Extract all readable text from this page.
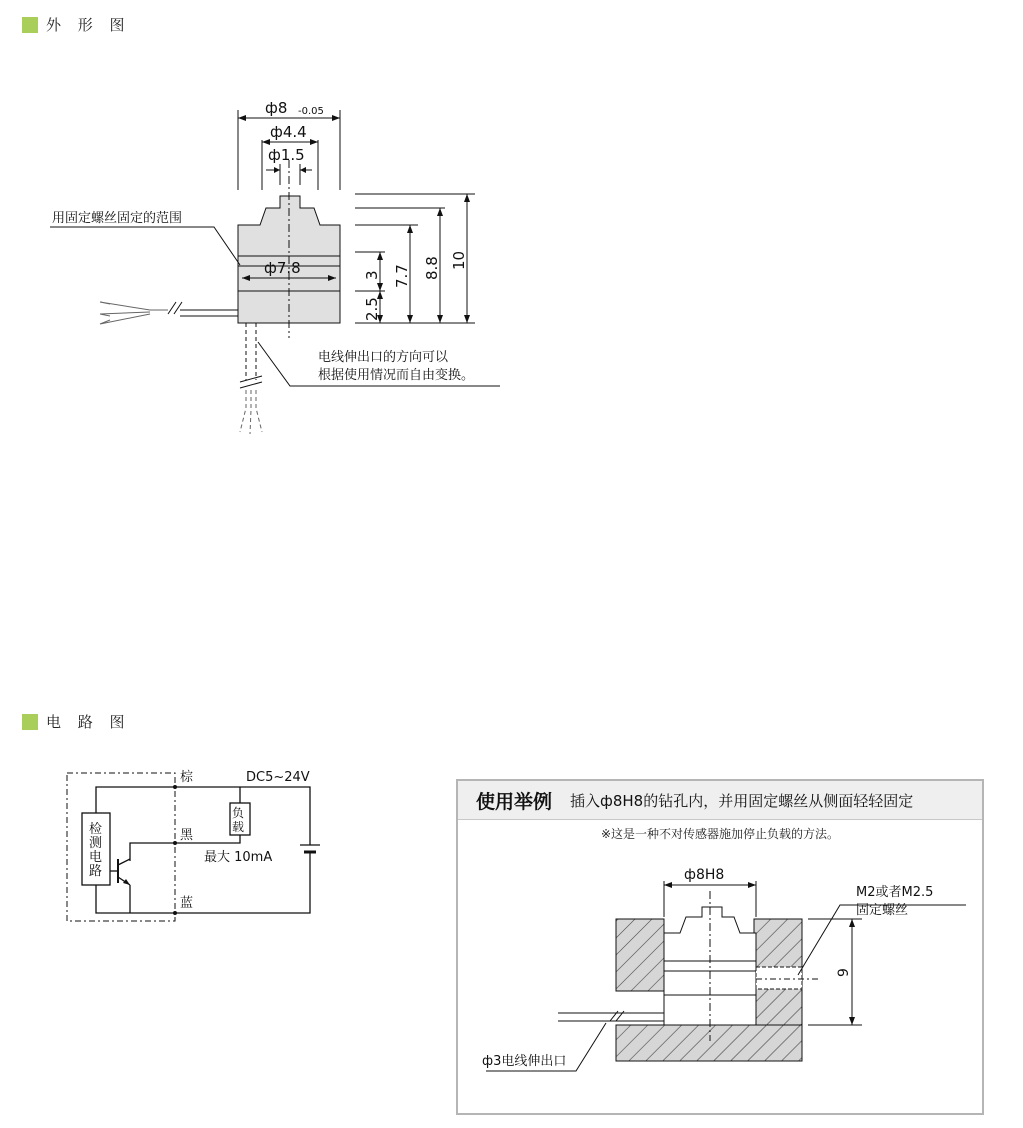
外 形 图
电 路 图
ф8 -0.05
ф4.4
ф1.5
ф7.8	3
2.5
7.7 8.8 10
用固定螺丝固定的范围
电线伸出口的方向可以
根据使用情况而自由变换。
棕
黑
蓝
DC5~24V
负
载
最大 10mA
检
测
电
路
使用举例 插入ф8H8的钻孔内，并用固定螺丝从侧面轻轻固定
※这是一种不对传感器施加停止负载的方法。
ф8H8
M2或者M2.5
固定螺丝
9
ф3电线伸出口
